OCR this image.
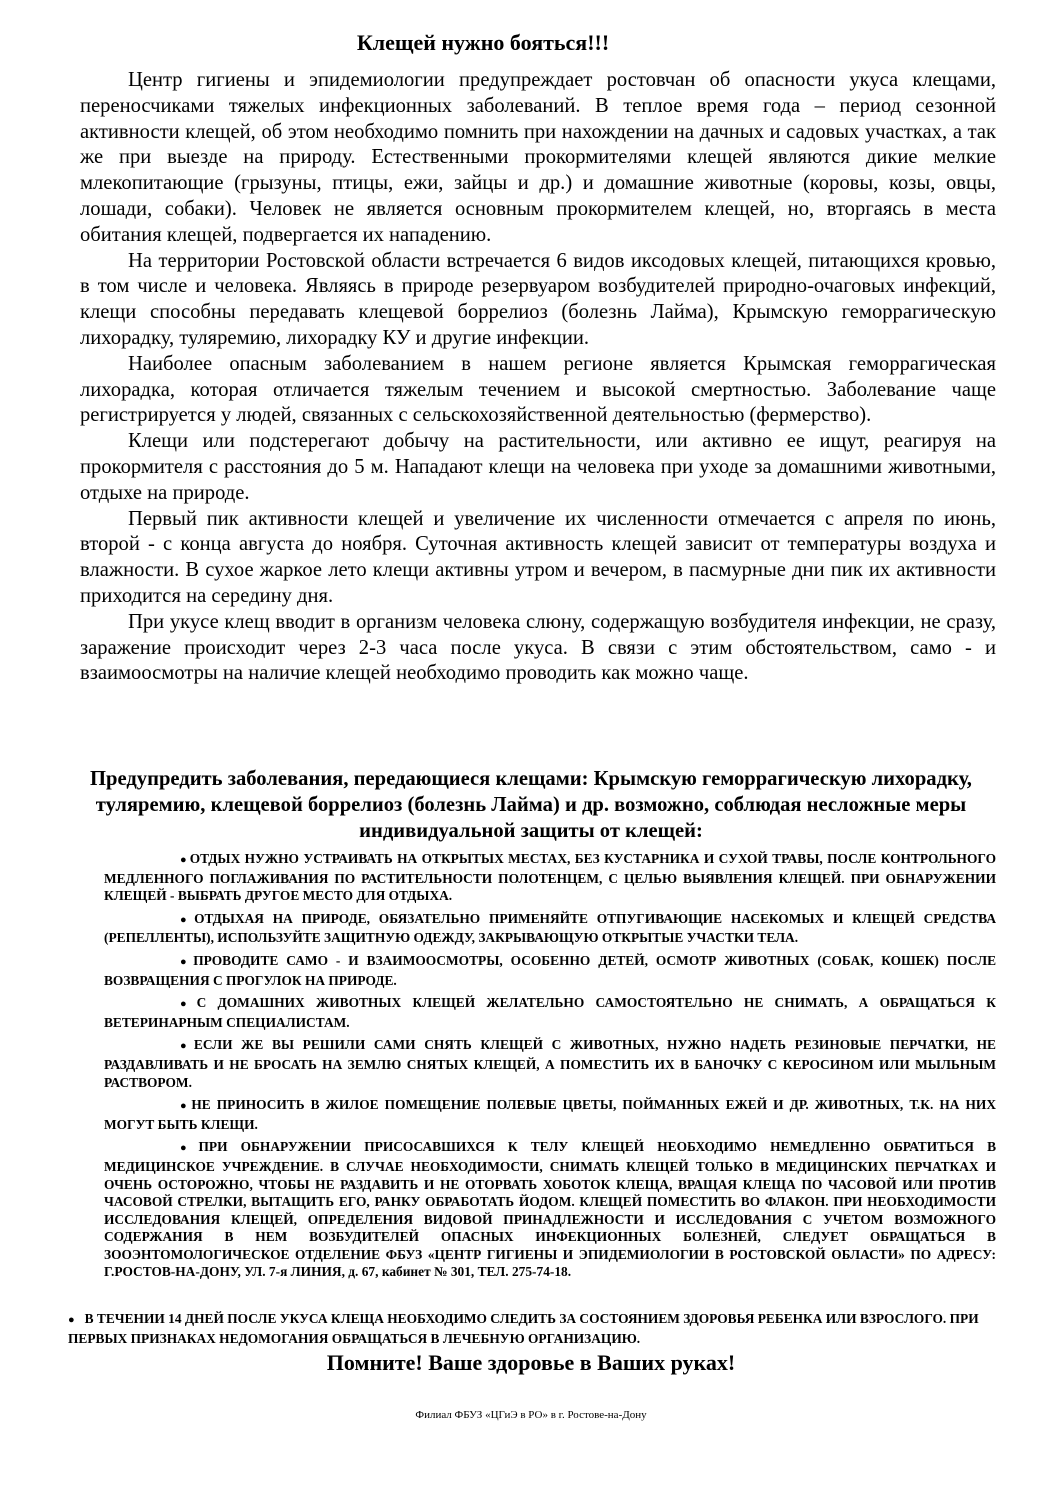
Клещей нужно бояться!!!

Центр гигиены и эпидемиологии предупреждает ростовчан об опасности укуса клещами, переносчиками тяжелых инфекционных заболеваний. В теплое время года – период сезонной активности клещей, об этом необходимо помнить при нахождении на дачных и садовых участках, а так же при выезде на природу. Естественными прокормителями клещей являются дикие мелкие млекопитающие (грызуны, птицы, ежи, зайцы и др.) и домашние животные (коровы, козы, овцы, лошади, собаки). Человек не является основным прокормителем клещей, но, вторгаясь в места обитания клещей, подвергается их нападению.

На территории Ростовской области встречается 6 видов иксодовых клещей, питающихся кровью, в том числе и человека. Являясь в природе резервуаром возбудителей природно-очаговых инфекций, клещи способны передавать клещевой боррелиоз (болезнь Лайма), Крымскую геморрагическую лихорадку, туляремию, лихорадку КУ и другие инфекции.

Наиболее опасным заболеванием в нашем регионе является Крымская геморрагическая лихорадка, которая отличается тяжелым течением и высокой смертностью. Заболевание чаще регистрируется у людей, связанных с сельскохозяйственной деятельностью (фермерство).

Клещи или подстерегают добычу на растительности, или активно ее ищут, реагируя на прокормителя с расстояния до 5 м. Нападают клещи на человека при уходе за домашними животными, отдыхе на природе.

Первый пик активности клещей и увеличение их численности отмечается с апреля по июнь, второй - с конца августа до ноября. Суточная активность клещей зависит от температуры воздуха и влажности. В сухое жаркое лето клещи активны утром и вечером, в пасмурные дни пик их активности приходится на середину дня.

При укусе клещ вводит в организм человека слюну, содержащую возбудителя инфекции, не сразу, заражение происходит через 2-3 часа после укуса. В связи с этим обстоятельством, само - и взаимоосмотры на наличие клещей необходимо проводить как можно чаще.

Предупредить заболевания, передающиеся клещами: Крымскую геморрагическую лихорадку, туляремию, клещевой боррелиоз (болезнь Лайма) и др. возможно, соблюдая несложные меры индивидуальной защиты от клещей:

● ОТДЫХ НУЖНО УСТРАИВАТЬ НА ОТКРЫТЫХ МЕСТАХ, БЕЗ КУСТАРНИКА И СУХОЙ ТРАВЫ, ПОСЛЕ КОНТРОЛЬНОГО МЕДЛЕННОГО ПОГЛАЖИВАНИЯ ПО РАСТИТЕЛЬНОСТИ ПОЛОТЕНЦЕМ, С ЦЕЛЬЮ ВЫЯВЛЕНИЯ КЛЕЩЕЙ. ПРИ ОБНАРУЖЕНИИ КЛЕЩЕЙ - ВЫБРАТЬ ДРУГОЕ МЕСТО ДЛЯ ОТДЫХА.

● ОТДЫХАЯ НА ПРИРОДЕ, ОБЯЗАТЕЛЬНО ПРИМЕНЯЙТЕ ОТПУГИВАЮЩИЕ НАСЕКОМЫХ И КЛЕЩЕЙ СРЕДСТВА (РЕПЕЛЛЕНТЫ), ИСПОЛЬЗУЙТЕ ЗАЩИТНУЮ ОДЕЖДУ, ЗАКРЫВАЮЩУЮ ОТКРЫТЫЕ УЧАСТКИ ТЕЛА.

● ПРОВОДИТЕ САМО - И ВЗАИМООСМОТРЫ, ОСОБЕННО ДЕТЕЙ, ОСМОТР ЖИВОТНЫХ (СОБАК, КОШЕК) ПОСЛЕ ВОЗВРАЩЕНИЯ С ПРОГУЛОК НА ПРИРОДЕ.

● С ДОМАШНИХ ЖИВОТНЫХ КЛЕЩЕЙ ЖЕЛАТЕЛЬНО САМОСТОЯТЕЛЬНО НЕ СНИМАТЬ, А ОБРАЩАТЬСЯ К ВЕТЕРИНАРНЫМ СПЕЦИАЛИСТАМ.

● ЕСЛИ ЖЕ ВЫ РЕШИЛИ САМИ СНЯТЬ КЛЕЩЕЙ С ЖИВОТНЫХ, НУЖНО НАДЕТЬ РЕЗИНОВЫЕ ПЕРЧАТКИ, НЕ РАЗДАВЛИВАТЬ И НЕ БРОСАТЬ НА ЗЕМЛЮ СНЯТЫХ КЛЕЩЕЙ, А ПОМЕСТИТЬ ИХ В БАНОЧКУ С КЕРОСИНОМ ИЛИ МЫЛЬНЫМ РАСТВОРОМ.

● НЕ ПРИНОСИТЬ В ЖИЛОЕ ПОМЕЩЕНИЕ ПОЛЕВЫЕ ЦВЕТЫ, ПОЙМАННЫХ ЕЖЕЙ И ДР. ЖИВОТНЫХ, Т.К. НА НИХ МОГУТ БЫТЬ КЛЕЩИ.

● ПРИ ОБНАРУЖЕНИИ ПРИСОСАВШИХСЯ К ТЕЛУ КЛЕЩЕЙ НЕОБХОДИМО НЕМЕДЛЕННО ОБРАТИТЬСЯ В МЕДИЦИНСКОЕ УЧРЕЖДЕНИЕ. В СЛУЧАЕ НЕОБХОДИМОСТИ, СНИМАТЬ КЛЕЩЕЙ ТОЛЬКО В МЕДИЦИНСКИХ ПЕРЧАТКАХ И ОЧЕНЬ ОСТОРОЖНО, ЧТОБЫ НЕ РАЗДАВИТЬ И НЕ ОТОРВАТЬ ХОБОТОК КЛЕЩА, ВРАЩАЯ КЛЕЩА ПО ЧАСОВОЙ ИЛИ ПРОТИВ ЧАСОВОЙ СТРЕЛКИ, ВЫТАЩИТЬ ЕГО, РАНКУ ОБРАБОТАТЬ ЙОДОМ. КЛЕЩЕЙ ПОМЕСТИТЬ ВО ФЛАКОН. ПРИ НЕОБХОДИМОСТИ ИССЛЕДОВАНИЯ КЛЕЩЕЙ, ОПРЕДЕЛЕНИЯ ВИДОВОЙ ПРИНАДЛЕЖНОСТИ И ИССЛЕДОВАНИЯ С УЧЕТОМ ВОЗМОЖНОГО СОДЕРЖАНИЯ В НЕМ ВОЗБУДИТЕЛЕЙ ОПАСНЫХ ИНФЕКЦИОННЫХ БОЛЕЗНЕЙ, СЛЕДУЕТ ОБРАЩАТЬСЯ В ЗООЭНТОМОЛОГИЧЕСКОЕ ОТДЕЛЕНИЕ ФБУЗ «ЦЕНТР ГИГИЕНЫ И ЭПИДЕМИОЛОГИИ В РОСТОВСКОЙ ОБЛАСТИ» ПО АДРЕСУ: Г.РОСТОВ-НА-ДОНУ, УЛ. 7-я ЛИНИЯ, д. 67, кабинет № 301, ТЕЛ. 275-74-18.

● В ТЕЧЕНИИ 14 ДНЕЙ ПОСЛЕ УКУСА КЛЕЩА НЕОБХОДИМО СЛЕДИТЬ ЗА СОСТОЯНИЕМ ЗДОРОВЬЯ РЕБЕНКА ИЛИ ВЗРОСЛОГО. ПРИ ПЕРВЫХ ПРИЗНАКАХ НЕДОМОГАНИЯ ОБРАЩАТЬСЯ В ЛЕЧЕБНУЮ ОРГАНИЗАЦИЮ.
Помните! Ваше здоровье в Ваших руках!
Филиал ФБУЗ «ЦГиЭ в РО» в г. Ростове-на-Дону
